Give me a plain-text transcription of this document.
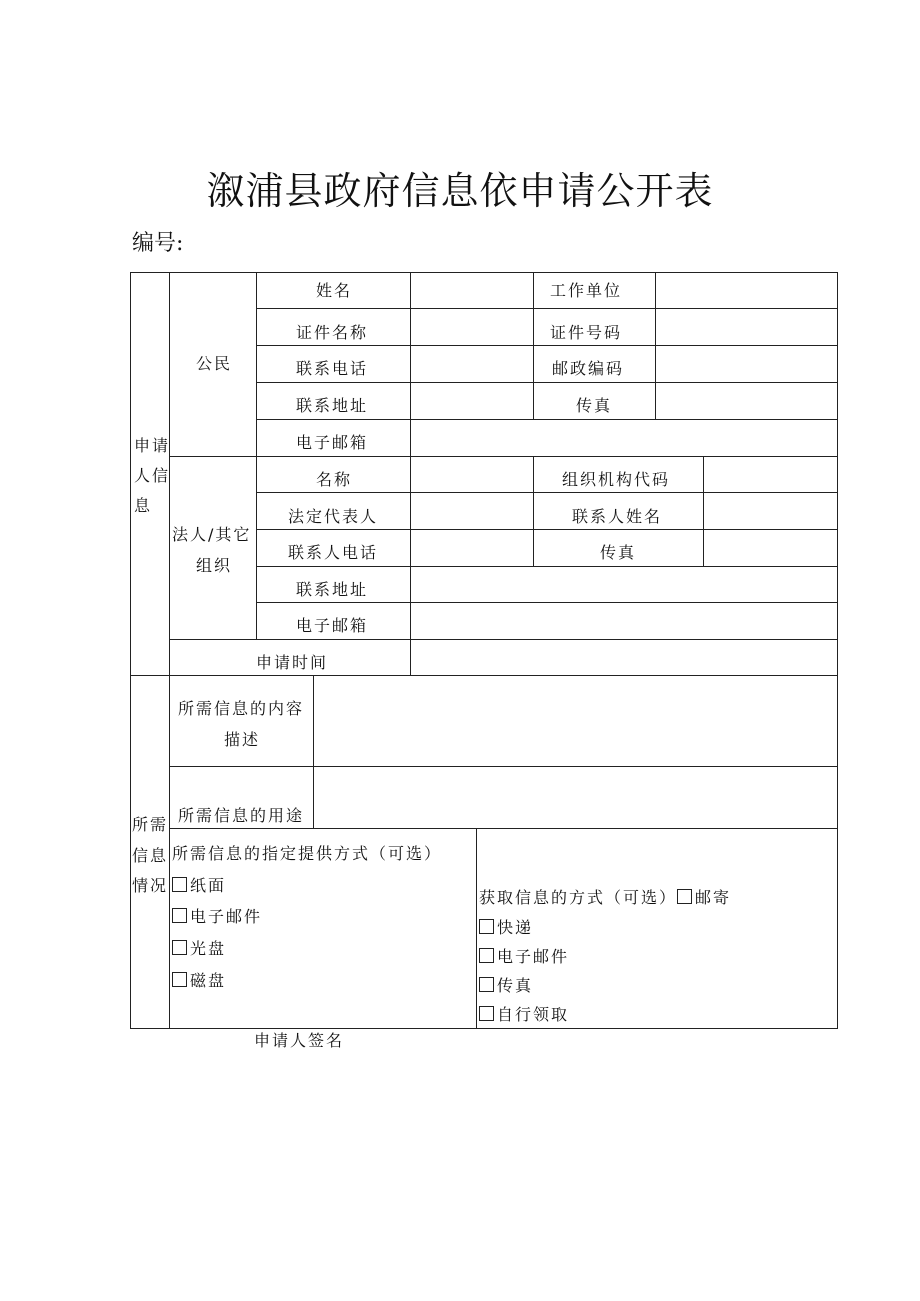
溆浦县政府信息依申请公开表
编号:
申请
人信
息
公民
姓名	工作单位
证件名称	证件号码
联系电话	邮政编码
联系地址	传真
电子邮箱
法人/其它
组织
名称	组织机构代码
法定代表人	联系人姓名
联系人电话	传真
联系地址
电子邮箱
申请时间
所需
信息
情况
所需信息的内容
描述
所需信息的用途
所需信息的指定提供方式（可选）
纸面
电子邮件
光盘
磁盘
获取信息的方式（可选） 邮寄
快递
电子邮件
传真
自行领取
申请人签名
